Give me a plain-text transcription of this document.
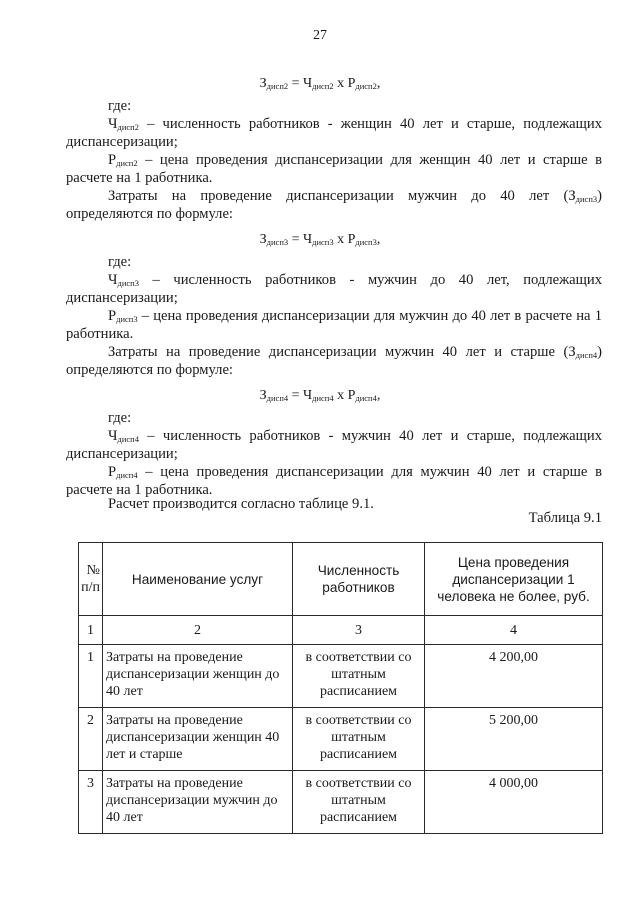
27
$З_{дисп2} = Ч_{дисп2}$ х $Р_{дисп2}$,
где:
$Ч_{дисп2}$ – численность работников - женщин 40 лет и старше, подлежащих диспансеризации;
$Р_{дисп2}$ – цена проведения диспансеризации для женщин 40 лет и старше в расчете на 1 работника.
Затраты на проведение диспансеризации мужчин до 40 лет $(З_{дисп3})$ определяются по формуле:
$З_{дисп3} = Ч_{дисп3}$ х $Р_{дисп3}$,
где:
$Ч_{дисп3}$ – численность работников - мужчин до 40 лет, подлежащих диспансеризации;
$Р_{дисп3}$ – цена проведения диспансеризации для мужчин до 40 лет в расчете на 1 работника.
Затраты на проведение диспансеризации мужчин 40 лет и старше $(З_{дисп4})$ определяются по формуле:
$З_{дисп4} = Ч_{дисп4}$ х $Р_{дисп4}$,
где:
$Ч_{дисп4}$ – численность работников - мужчин 40 лет и старше, подлежащих диспансеризации;
$Р_{дисп4}$ – цена проведения диспансеризации для мужчин 40 лет и старше в расчете на 1 работника.
Расчет производится согласно таблице 9.1.
Таблица 9.1
№ п/п	Наименование услуг	Численность работников	Цена проведения диспансеризации 1 человека не более, руб.
1	2	3	4
1	Затраты на проведение диспансеризации женщин до 40 лет	в соответствии со штатным расписанием	4 200,00
2	Затраты на проведение диспансеризации женщин 40 лет и старше	в соответствии со штатным расписанием	5 200,00
3	Затраты на проведение диспансеризации мужчин до 40 лет	в соответствии со штатным расписанием	4 000,00
